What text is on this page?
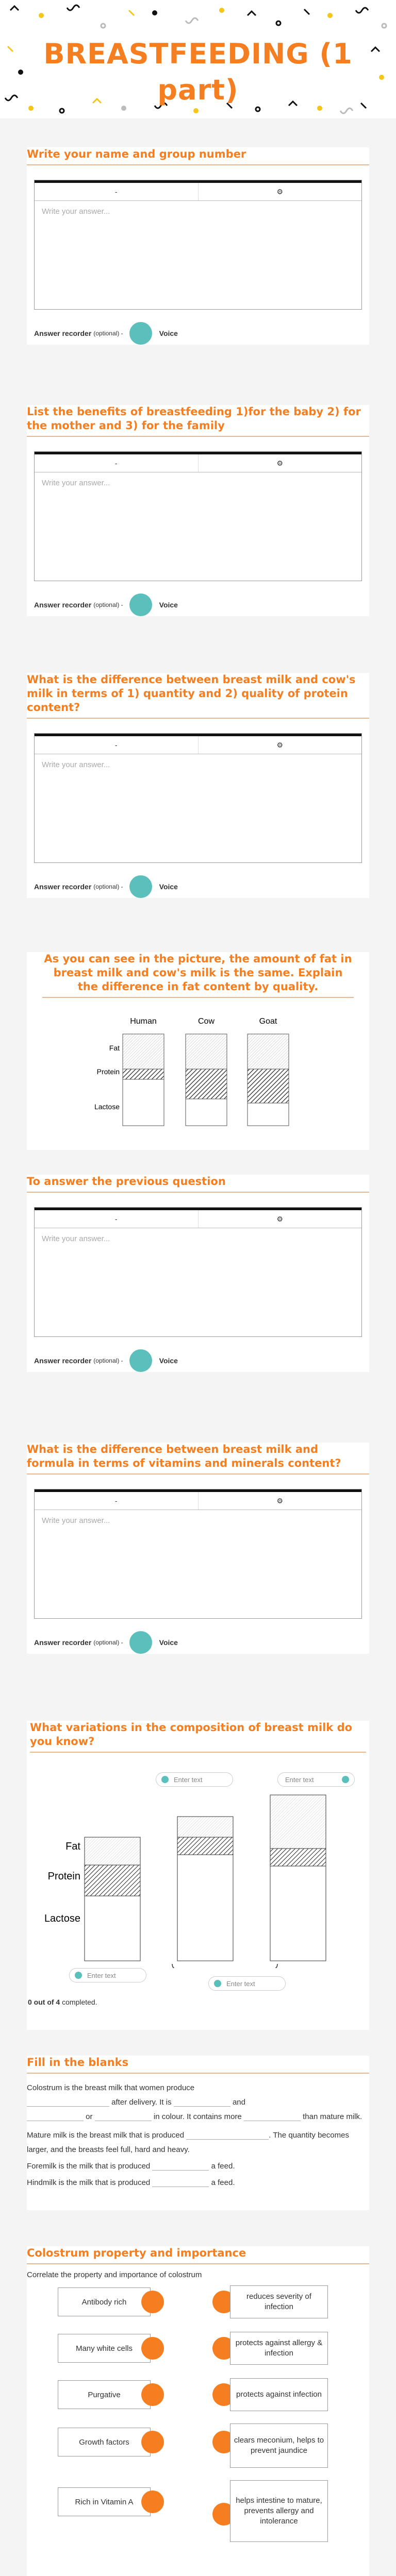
BREASTFEEDING (1 part)
Write your name and group number
-	⚙
Write your answer...
Answer recorder (optional) -	Voice
List the benefits of breastfeeding 1)for the baby 2) for the mother and 3) for the family
-	⚙
Write your answer...
Answer recorder (optional) -	Voice
What is the difference between breast milk and cow's milk in terms of 1) quantity and 2) quality of protein content?
-	⚙
Write your answer...
Answer recorder (optional) -	Voice
As you can see in the picture, the amount of fat in breast milk and cow's milk is the same. Explain the difference in fat content by quality.
Human	Cow	Goat
Fat
Protein
Lactose
To answer the previous question
-	⚙
Write your answer...
Answer recorder (optional) -	Voice
What is the difference between breast milk and formula in terms of vitamins and minerals content?
-	⚙
Write your answer...
Answer recorder (optional) -	Voice
What variations in the composition of breast milk do you know?
Enter text	Enter text
Fat
Protein
Lactose
Enter text
Enter text
0 out of 4 completed.
Fill in the blanks
Colostrum is the breast milk that women produce
after delivery. It is	and
or	in colour. It contains more	than mature milk.
Mature milk is the breast milk that is produced	. The quantity becomes larger, and the breasts feel full, hard and heavy.
Foremilk is the milk that is produced	a feed.
Hindmilk is the milk that is produced	a feed.
Colostrum property and importance
Correlate the property and importance of colostrum
Antibody rich
reduces severity of infection
Many white cells
protects against allergy & infection
Purgative	protects against infection
Growth factors	clears meconium, helps to prevent jaundice
Rich in Vitamin A	helps intestine to mature, prevents allergy and intolerance
